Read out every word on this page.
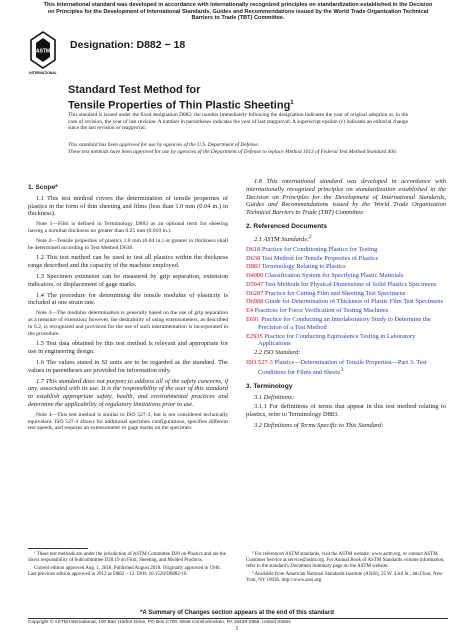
This international standard was developed in accordance with internationally recognized principles on standardization established in the Decision on Principles for the Development of International Standards, Guides and Recommendations issued by the World Trade Organization Technical Barriers to Trade (TBT) Committee.
ASTM
INTERNATIONAL
Designation: D882 − 18
Standard Test Method for
Tensile Properties of Thin Plastic Sheeting$^1$
This standard is issued under the fixed designation D882; the number immediately following the designation indicates the year of original adoption or, in the case of revision, the year of last revision. A number in parentheses indicates the year of last reapproval. A superscript epsilon (ε) indicates an editorial change since the last revision or reapproval.
This standard has been approved for use by agencies of the U.S. Department of Defense.
These test methods have been approved for use by agencies of the Department of Defense to replace Method 1013 of Federal Test Method Standard 406.
1. Scope*

1.1 This test method covers the determination of tensile properties of plastics in the form of thin sheeting and films (less than 1.0 mm (0.04 in.) in thickness).

Note 1—Film is defined in Terminology D883 as an optional term for sheeting having a nominal thickness no greater than 0.25 mm (0.010 in.).

Note 2—Tensile properties of plastics 1.0 mm (0.04 in.) or greater in thickness shall be determined according to Test Method D638.

1.2 This test method can be used to test all plastics within the thickness range described and the capacity of the machine employed.

1.3 Specimen extension can be measured by grip separation, extension indicators, or displacement of gage marks.

1.4 The procedure for determining the tensile modulus of elasticity is included at one strain rate.

Note 3—The modulus determination is generally based on the use of grip separation as a measure of extension; however, the desirability of using extensometers, as described in 6.2, is recognized and provision for the use of such instrumentation is incorporated in the procedure.

1.5 Test data obtained by this test method is relevant and appropriate for use in engineering design.

1.6 The values stated in SI units are to be regarded as the standard. The values in parentheses are provided for information only.

1.7 This standard does not purport to address all of the safety concerns, if any, associated with its use. It is the responsibility of the user of this standard to establish appropriate safety, health, and environmental practices and determine the applicability of regulatory limitations prior to use.

Note 4—This test method is similar to ISO 527-3, but is not considered technically equivalent. ISO 527-3 allows for additional specimen configurations, specifies different test speeds, and requires an extensometer or gage marks on the specimen.

1.8 This international standard was developed in accordance with internationally recognized principles on standardization established in the Decision on Principles for the Development of International Standards, Guides and Recommendations issued by the World Trade Organization Technical Barriers to Trade (TBT) Committee.

2. Referenced Documents
2.1 ASTM Standards:$^2$
D618 Practice for Conditioning Plastics for Testing
D638 Test Method for Tensile Properties of Plastics
D883 Terminology Relating to Plastics
D4000 Classification System for Specifying Plastic Materials
D5947 Test Methods for Physical Dimensions of Solid Plastics Specimens
D6287 Practice for Cutting Film and Sheeting Test Specimens
D6988 Guide for Determination of Thickness of Plastic Film Test Specimens
E4 Practices for Force Verification of Testing Machines
E691 Practice for Conducting an Interlaboratory Study to Determine the Precision of a Test Method
E2935 Practice for Conducting Equivalence Testing in Laboratory Applications
2.2 ISO Standard:
ISO 527-3 Plastics—Determination of Tensile Properties—Part 3: Test Conditions for Films and Sheets$^3$
3. Terminology
3.1 Definitions:

3.1.1 For definitions of terms that appear in this test method relating to plastics, refer to Terminology D883.

3.2 Definitions of Terms Specific to This Standard:

¹ These test methods are under the jurisdiction of ASTM Committee D20 on Plastics and are the direct responsibility of Subcommittee D20.19 on Film, Sheeting, and Molded Products.

Current edition approved Aug. 1, 2018. Published August 2018. Originally approved in 1946. Last previous edition approved in 2012 as D882 − 12. DOI: 10.1520/D0882-18.

² For referenced ASTM standards, visit the ASTM website, www.astm.org, or contact ASTM Customer Service at service@astm.org. For Annual Book of ASTM Standards volume information, refer to the standard's Document Summary page on the ASTM website.

³ Available from American National Standards Institute (ANSI), 25 W. 43rd St., 4th Floor, New York, NY 10036, http://www.ansi.org.

*A Summary of Changes section appears at the end of this standard
Copyright © ASTM International, 100 Barr Harbor Drive, PO Box C700, West Conshohocken, PA 19428-2959. United States
1
